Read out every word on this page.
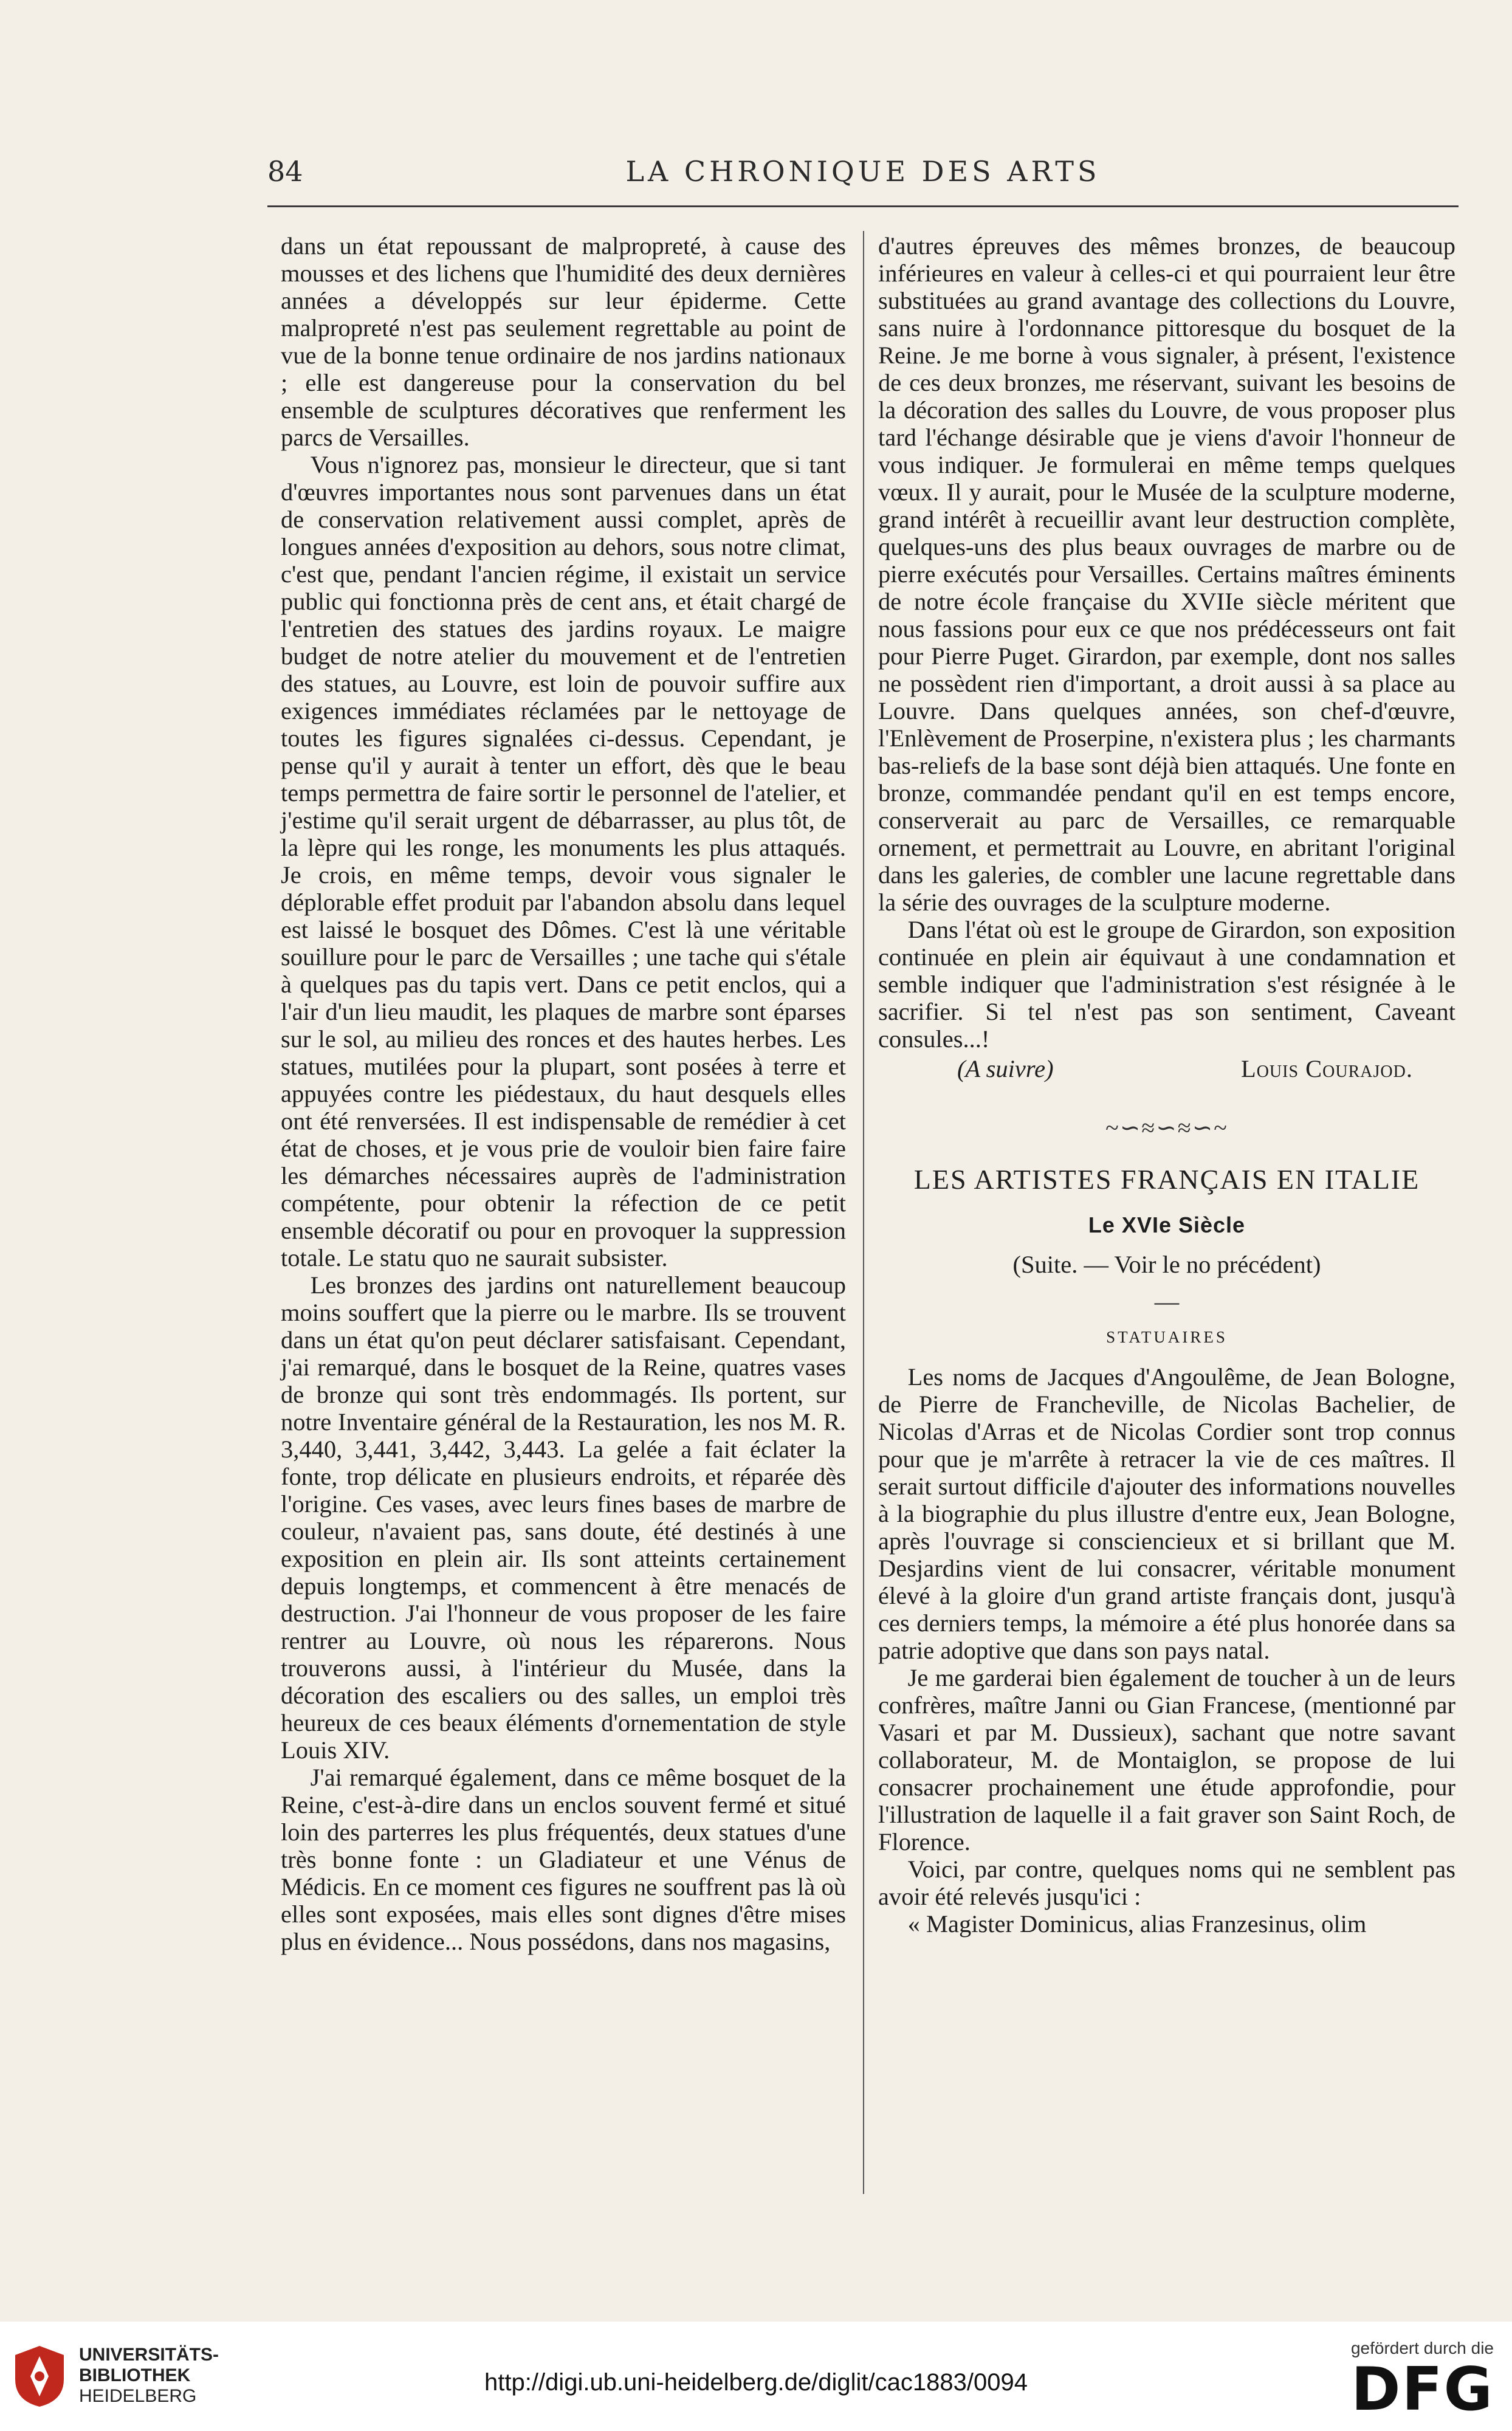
84	LA CHRONIQUE DES ARTS

dans un état repoussant de malpropreté, à cause des mousses et des lichens que l'humidité des deux dernières années a développés sur leur épiderme. Cette malpropreté n'est pas seulement regrettable au point de vue de la bonne tenue ordinaire de nos jardins nationaux ; elle est dangereuse pour la conservation du bel ensemble de sculptures décoratives que renferment les parcs de Versailles.

Vous n'ignorez pas, monsieur le directeur, que si tant d'œuvres importantes nous sont parvenues dans un état de conservation relativement aussi complet, après de longues années d'exposition au dehors, sous notre climat, c'est que, pendant l'ancien régime, il existait un service public qui fonctionna près de cent ans, et était chargé de l'entretien des statues des jardins royaux. Le maigre budget de notre atelier du mouvement et de l'entretien des statues, au Louvre, est loin de pouvoir suffire aux exigences immédiates réclamées par le nettoyage de toutes les figures signalées ci-dessus. Cependant, je pense qu'il y aurait à tenter un effort, dès que le beau temps permettra de faire sortir le personnel de l'atelier, et j'estime qu'il serait urgent de débarrasser, au plus tôt, de la lèpre qui les ronge, les monuments les plus attaqués. Je crois, en même temps, devoir vous signaler le déplorable effet produit par l'abandon absolu dans lequel est laissé le bosquet des Dômes. C'est là une véritable souillure pour le parc de Versailles ; une tache qui s'étale à quelques pas du tapis vert. Dans ce petit enclos, qui a l'air d'un lieu maudit, les plaques de marbre sont éparses sur le sol, au milieu des ronces et des hautes herbes. Les statues, mutilées pour la plupart, sont posées à terre et appuyées contre les piédestaux, du haut desquels elles ont été renversées. Il est indispensable de remédier à cet état de choses, et je vous prie de vouloir bien faire faire les démarches nécessaires auprès de l'administration compétente, pour obtenir la réfection de ce petit ensemble décoratif ou pour en provoquer la suppression totale. Le statu quo ne saurait subsister.

Les bronzes des jardins ont naturellement beaucoup moins souffert que la pierre ou le marbre. Ils se trouvent dans un état qu'on peut déclarer satisfaisant. Cependant, j'ai remarqué, dans le bosquet de la Reine, quatres vases de bronze qui sont très endommagés. Ils portent, sur notre Inventaire général de la Restauration, les nos M. R. 3,440, 3,441, 3,442, 3,443. La gelée a fait éclater la fonte, trop délicate en plusieurs endroits, et réparée dès l'origine. Ces vases, avec leurs fines bases de marbre de couleur, n'avaient pas, sans doute, été destinés à une exposition en plein air. Ils sont atteints certainement depuis longtemps, et commencent à être menacés de destruction. J'ai l'honneur de vous proposer de les faire rentrer au Louvre, où nous les réparerons. Nous trouverons aussi, à l'intérieur du Musée, dans la décoration des escaliers ou des salles, un emploi très heureux de ces beaux éléments d'ornementation de style Louis XIV.

J'ai remarqué également, dans ce même bosquet de la Reine, c'est-à-dire dans un enclos souvent fermé et situé loin des parterres les plus fréquentés, deux statues d'une très bonne fonte : un Gladiateur et une Vénus de Médicis. En ce moment ces figures ne souffrent pas là où elles sont exposées, mais elles sont dignes d'être mises plus en évidence... Nous possédons, dans nos magasins,

d'autres épreuves des mêmes bronzes, de beaucoup inférieures en valeur à celles-ci et qui pourraient leur être substituées au grand avantage des collections du Louvre, sans nuire à l'ordonnance pittoresque du bosquet de la Reine. Je me borne à vous signaler, à présent, l'existence de ces deux bronzes, me réservant, suivant les besoins de la décoration des salles du Louvre, de vous proposer plus tard l'échange désirable que je viens d'avoir l'honneur de vous indiquer. Je formulerai en même temps quelques vœux. Il y aurait, pour le Musée de la sculpture moderne, grand intérêt à recueillir avant leur destruction complète, quelques-uns des plus beaux ouvrages de marbre ou de pierre exécutés pour Versailles. Certains maîtres éminents de notre école française du XVIIe siècle méritent que nous fassions pour eux ce que nos prédécesseurs ont fait pour Pierre Puget. Girardon, par exemple, dont nos salles ne possèdent rien d'important, a droit aussi à sa place au Louvre. Dans quelques années, son chef-d'œuvre, l'Enlèvement de Proserpine, n'existera plus ; les charmants bas-reliefs de la base sont déjà bien attaqués. Une fonte en bronze, commandée pendant qu'il en est temps encore, conserverait au parc de Versailles, ce remarquable ornement, et permettrait au Louvre, en abritant l'original dans les galeries, de combler une lacune regrettable dans la série des ouvrages de la sculpture moderne.

Dans l'état où est le groupe de Girardon, son exposition continuée en plein air équivaut à une condamnation et semble indiquer que l'administration s'est résignée à le sacrifier. Si tel n'est pas son sentiment, Caveant consules...!

(A suivre)	Louis Courajod.
~∽≈∽≈∽~
LES ARTISTES FRANÇAIS EN ITALIE
Le XVIe Siècle
(Suite. — Voir le no précédent)
—
STATUAIRES

Les noms de Jacques d'Angoulême, de Jean Bologne, de Pierre de Francheville, de Nicolas Bachelier, de Nicolas d'Arras et de Nicolas Cordier sont trop connus pour que je m'arrête à retracer la vie de ces maîtres. Il serait surtout difficile d'ajouter des informations nouvelles à la biographie du plus illustre d'entre eux, Jean Bologne, après l'ouvrage si consciencieux et si brillant que M. Desjardins vient de lui consacrer, véritable monument élevé à la gloire d'un grand artiste français dont, jusqu'à ces derniers temps, la mémoire a été plus honorée dans sa patrie adoptive que dans son pays natal.

Je me garderai bien également de toucher à un de leurs confrères, maître Janni ou Gian Francese, (mentionné par Vasari et par M. Dussieux), sachant que notre savant collaborateur, M. de Montaiglon, se propose de lui consacrer prochainement une étude approfondie, pour l'illustration de laquelle il a fait graver son Saint Roch, de Florence.

Voici, par contre, quelques noms qui ne semblent pas avoir été relevés jusqu'ici :

« Magister Dominicus, alias Franzesinus, olim

UNIVERSITÄTS-
BIBLIOTHEK
HEIDELBERG
http://digi.ub.uni-heidelberg.de/diglit/cac1883/0094
gefördert durch die
DFG
